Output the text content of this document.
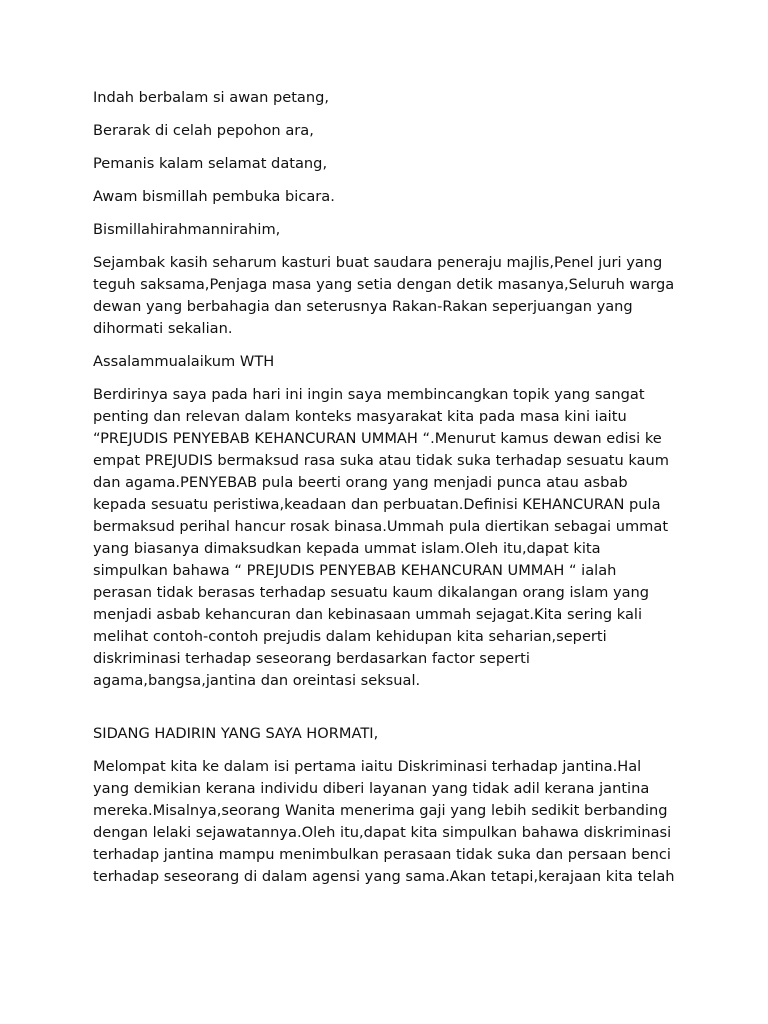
Indah berbalam si awan petang,
Berarak di celah pepohon ara,
Pemanis kalam selamat datang,
Awam bismillah pembuka bicara.
Bismillahirahmannirahim,
Sejambak kasih seharum kasturi buat saudara peneraju majlis,Penel juri yang
teguh saksama,Penjaga masa yang setia dengan detik masanya,Seluruh warga
dewan yang berbahagia dan seterusnya Rakan-Rakan seperjuangan yang
dihormati sekalian.
Assalammualaikum WTH
Berdirinya saya pada hari ini ingin saya membincangkan topik yang sangat
penting dan relevan dalam konteks masyarakat kita pada masa kini iaitu
“PREJUDIS PENYEBAB KEHANCURAN UMMAH “.Menurut kamus dewan edisi ke
empat PREJUDIS bermaksud rasa suka atau tidak suka terhadap sesuatu kaum
dan agama.PENYEBAB pula beerti orang yang menjadi punca atau asbab
kepada sesuatu peristiwa,keadaan dan perbuatan.Definisi KEHANCURAN pula
bermaksud perihal hancur rosak binasa.Ummah pula diertikan sebagai ummat
yang biasanya dimaksudkan kepada ummat islam.Oleh itu,dapat kita
simpulkan bahawa “ PREJUDIS PENYEBAB KEHANCURAN UMMAH “ ialah
perasan tidak berasas terhadap sesuatu kaum dikalangan orang islam yang
menjadi asbab kehancuran dan kebinasaan ummah sejagat.Kita sering kali
melihat contoh-contoh prejudis dalam kehidupan kita seharian,seperti
diskriminasi terhadap seseorang berdasarkan factor seperti
agama,bangsa,jantina dan oreintasi seksual.
SIDANG HADIRIN YANG SAYA HORMATI,
Melompat kita ke dalam isi pertama iaitu Diskriminasi terhadap jantina.Hal
yang demikian kerana individu diberi layanan yang tidak adil kerana jantina
mereka.Misalnya,seorang Wanita menerima gaji yang lebih sedikit berbanding
dengan lelaki sejawatannya.Oleh itu,dapat kita simpulkan bahawa diskriminasi
terhadap jantina mampu menimbulkan perasaan tidak suka dan persaan benci
terhadap seseorang di dalam agensi yang sama.Akan tetapi,kerajaan kita telah
